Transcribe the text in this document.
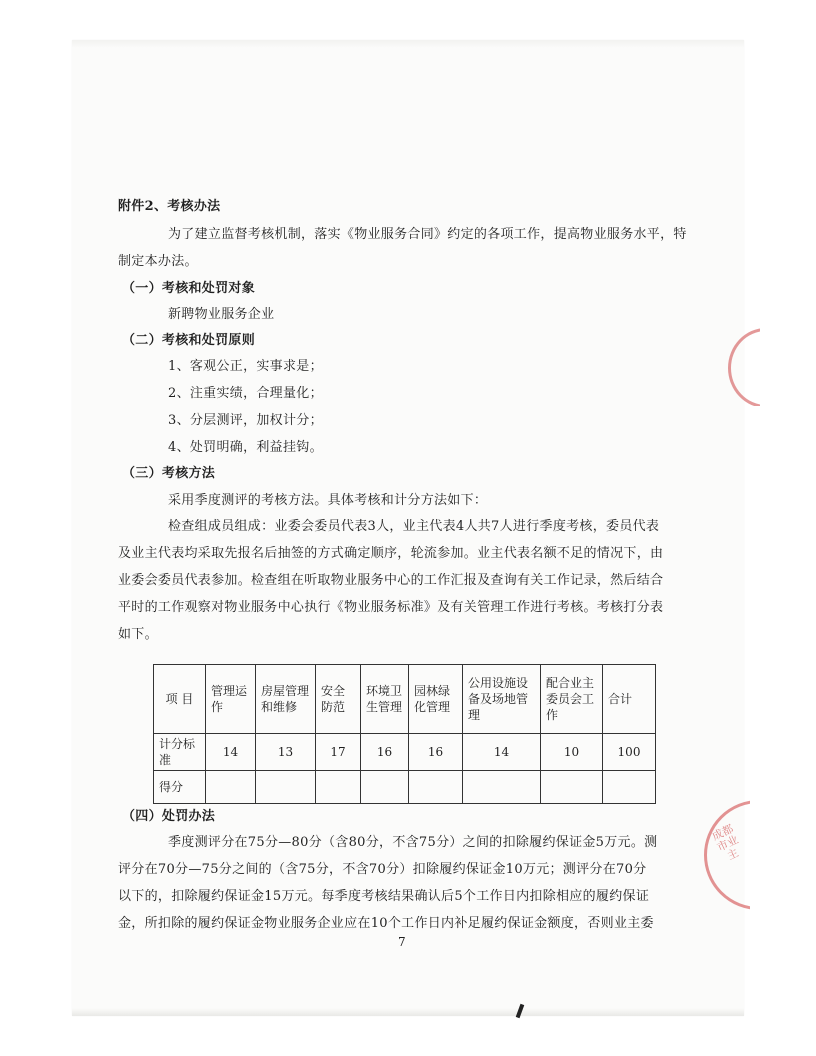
附件2、考核办法
为了建立监督考核机制，落实《物业服务合同》约定的各项工作，提高物业服务水平，特
制定本办法。
（一）考核和处罚对象
新聘物业服务企业
（二）考核和处罚原则
1、客观公正，实事求是；
2、注重实绩，合理量化；
3、分层测评，加权计分；
4、处罚明确，利益挂钩。
（三）考核方法
采用季度测评的考核方法。具体考核和计分方法如下：
检查组成员组成：业委会委员代表3人，业主代表4人共7人进行季度考核，委员代表
及业主代表均采取先报名后抽签的方式确定顺序，轮流参加。业主代表名额不足的情况下，由
业委会委员代表参加。检查组在听取物业服务中心的工作汇报及查询有关工作记录，然后结合
平时的工作观察对物业服务中心执行《物业服务标准》及有关管理工作进行考核。考核打分表
如下。
项 目	管理运作	房屋管理和维修	安全防范	环境卫生管理	园林绿化管理	公用设施设备及场地管理	配合业主委员会工作	合计
计分标准	14	13	17	16	16	14	10	100
得分								
（四）处罚办法
季度测评分在75分—80分（含80分，不含75分）之间的扣除履约保证金5万元。测
评分在70分—75分之间的（含75分，不含70分）扣除履约保证金10万元；测评分在70分
以下的，扣除履约保证金15万元。每季度考核结果确认后5个工作日内扣除相应的履约保证
金，所扣除的履约保证金物业服务企业应在10个工作日内补足履约保证金额度，否则业主委
7
成都市业主
